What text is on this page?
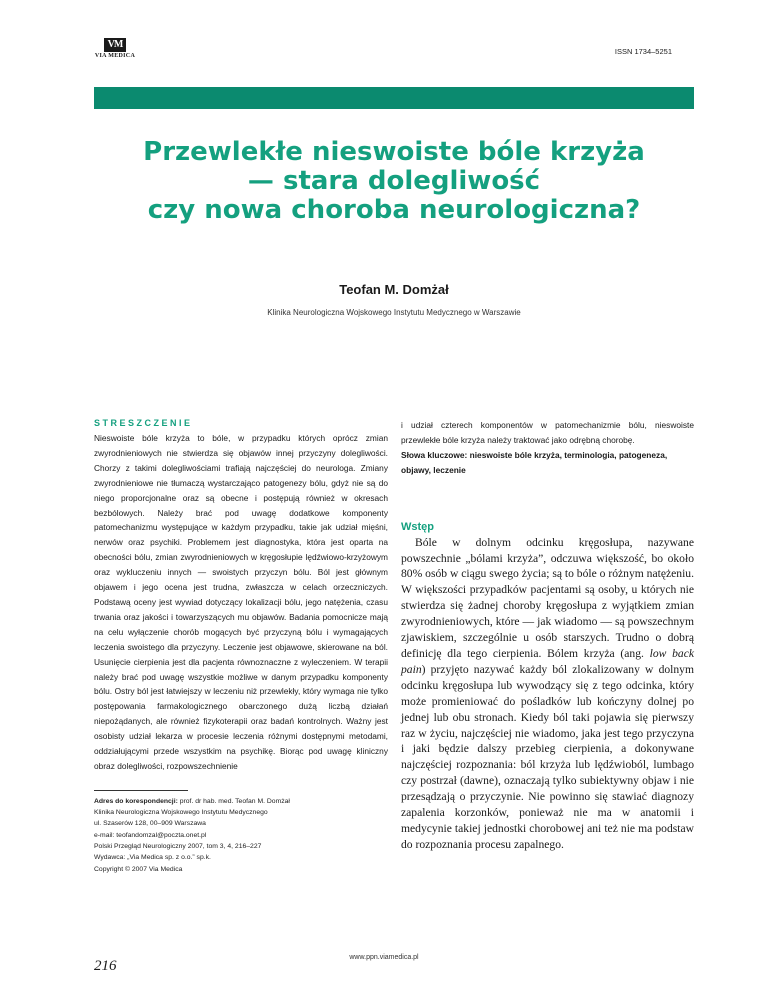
VM
VIA MEDICA	ISSN 1734–5251
Przewlekłe nieswoiste bóle krzyża
— stara dolegliwość
czy nowa choroba neurologiczna?
Teofan M. Domżał
Klinika Neurologiczna Wojskowego Instytutu Medycznego w Warszawie
STRESZCZENIE

Nieswoiste bóle krzyża to bóle, w przypadku których oprócz zmian zwyrodnieniowych nie stwierdza się objawów innej przyczyny dolegliwości. Chorzy z takimi dolegliwościami trafiają najczęściej do neurologa. Zmiany zwyrodnieniowe nie tłumaczą wystarczająco patogenezy bólu, gdyż nie są do niego proporcjonalne oraz są obecne i postępują również w okresach bezbólowych. Należy brać pod uwagę dodatkowe komponenty patomechanizmu występujące w każdym przypadku, takie jak udział mięśni, nerwów oraz psychiki. Problemem jest diagnostyka, która jest oparta na obecności bólu, zmian zwyrodnieniowych w kręgosłupie lędźwiowo-krzyżowym oraz wykluczeniu innych — swoistych przyczyn bólu. Ból jest głównym objawem i jego ocena jest trudna, zwłaszcza w celach orzeczniczych. Podstawą oceny jest wywiad dotyczący lokalizacji bólu, jego natężenia, czasu trwania oraz jakości i towarzyszących mu objawów. Badania pomocnicze mają na celu wyłączenie chorób mogących być przyczyną bólu i wymagających leczenia swoistego dla przyczyny. Leczenie jest objawowe, skierowane na ból. Usunięcie cierpienia jest dla pacjenta równoznaczne z wyleczeniem. W terapii należy brać pod uwagę wszystkie możliwe w danym przypadku komponenty bólu. Ostry ból jest łatwiejszy w leczeniu niż przewlekły, który wymaga nie tylko postępowania farmakologicznego obarczonego dużą liczbą działań niepożądanych, ale również fizykoterapii oraz badań kontrolnych. Ważny jest osobisty udział lekarza w procesie leczenia różnymi dostępnymi metodami, oddziałującymi przede wszystkim na psychikę. Biorąc pod uwagę kliniczny obraz dolegliwości, rozpowszechnienie

Adres do korespondencji: prof. dr hab. med. Teofan M. Domżał
Klinika Neurologiczna Wojskowego Instytutu Medycznego
ul. Szaserów 128, 00–909 Warszawa
e-mail: teofandomzal@poczta.onet.pl
Polski Przegląd Neurologiczny 2007, tom 3, 4, 216–227
Wydawca: „Via Medica sp. z o.o.” sp.k.
Copyright © 2007 Via Medica

i udział czterech komponentów w patomechanizmie bólu, nieswoiste przewlekłe bóle krzyża należy traktować jako odrębną chorobę.

Słowa kluczowe: nieswoiste bóle krzyża, terminologia, patogeneza, objawy, leczenie

Wstęp

Bóle w dolnym odcinku kręgosłupa, nazywane powszechnie „bólami krzyża”, odczuwa większość, bo około 80% osób w ciągu swego życia; są to bóle o różnym natężeniu. W większości przypadków pacjentami są osoby, u których nie stwierdza się żadnej choroby kręgosłupa z wyjątkiem zmian zwyrodnieniowych, które — jak wiadomo — są powszechnym zjawiskiem, szczególnie u osób starszych. Trudno o dobrą definicję dla tego cierpienia. Bólem krzyża (ang. low back pain) przyjęto nazywać każdy ból zlokalizowany w dolnym odcinku kręgosłupa lub wywodzący się z tego odcinka, który może promieniować do pośladków lub kończyny dolnej po jednej lub obu stronach. Kiedy ból taki pojawia się pierwszy raz w życiu, najczęściej nie wiadomo, jaka jest tego przyczyna i jaki będzie dalszy przebieg cierpienia, a dokonywane najczęściej rozpoznania: ból krzyża lub lędźwioból, lumbago czy postrzał (dawne), oznaczają tylko subiektywny objaw i nie przesądzają o przyczynie. Nie powinno się stawiać diagnozy zapalenia korzonków, ponieważ nie ma w anatomii i medycynie takiej jednostki chorobowej ani też nie ma podstaw do rozpoznania procesu zapalnego.

216
www.ppn.viamedica.pl
